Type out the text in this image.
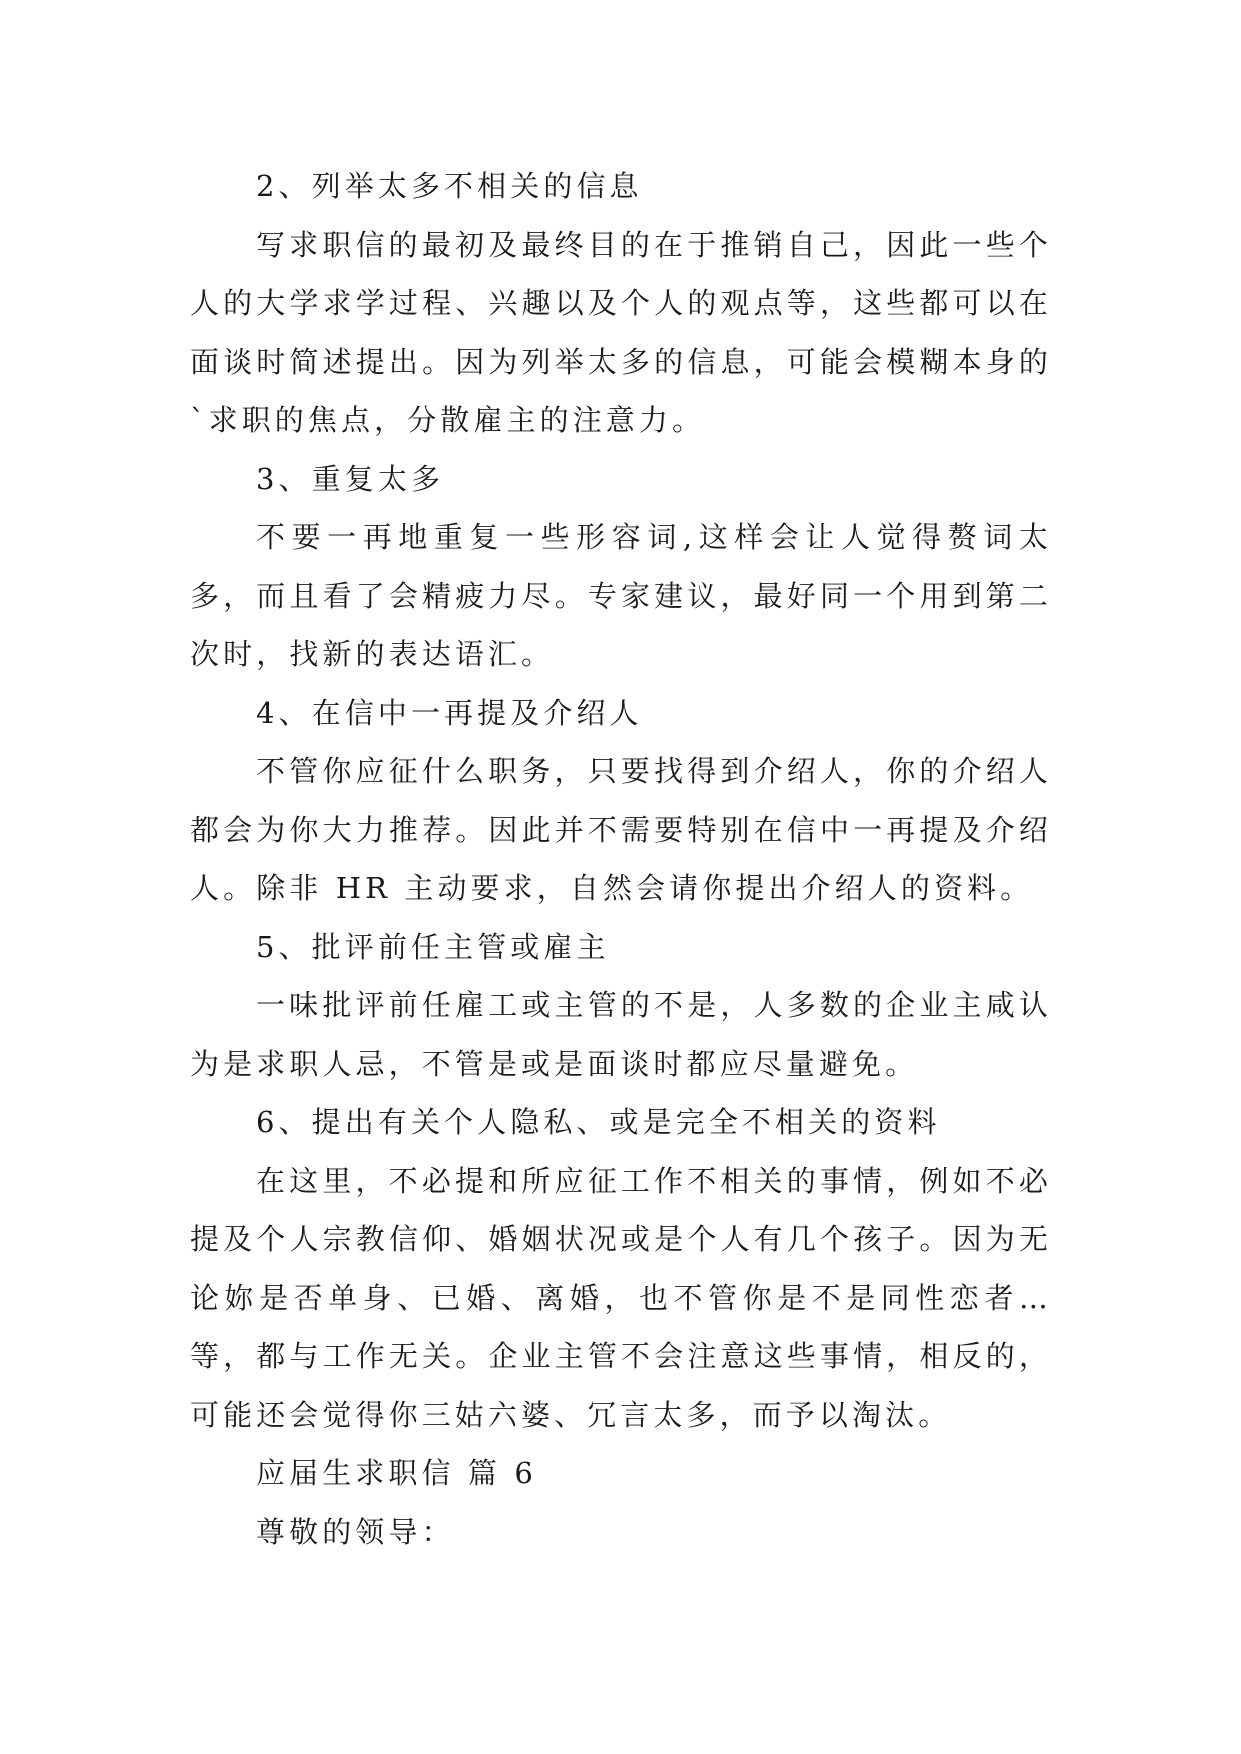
2、列举太多不相关的信息

写求职信的最初及最终目的在于推销自己，因此一些个人的大学求学过程、兴趣以及个人的观点等，这些都可以在面谈时简述提出。因为列举太多的信息，可能会模糊本身的`求职的焦点，分散雇主的注意力。

3、重复太多

不要一再地重复一些形容词,这样会让人觉得赘词太多，而且看了会精疲力尽。专家建议，最好同一个用到第二次时，找新的表达语汇。

4、在信中一再提及介绍人

不管你应征什么职务，只要找得到介绍人，你的介绍人都会为你大力推荐。因此并不需要特别在信中一再提及介绍人。除非 HR 主动要求，自然会请你提出介绍人的资料。

5、批评前任主管或雇主

一味批评前任雇工或主管的不是，人多数的企业主咸认为是求职人忌，不管是或是面谈时都应尽量避免。

6、提出有关个人隐私、或是完全不相关的资料

在这里，不必提和所应征工作不相关的事情，例如不必提及个人宗教信仰、婚姻状况或是个人有几个孩子。因为无论妳是否单身、已婚、离婚，也不管你是不是同性恋者…等，都与工作无关。企业主管不会注意这些事情，相反的，可能还会觉得你三姑六婆、冗言太多，而予以淘汰。

应届生求职信 篇 6

尊敬的领导：
